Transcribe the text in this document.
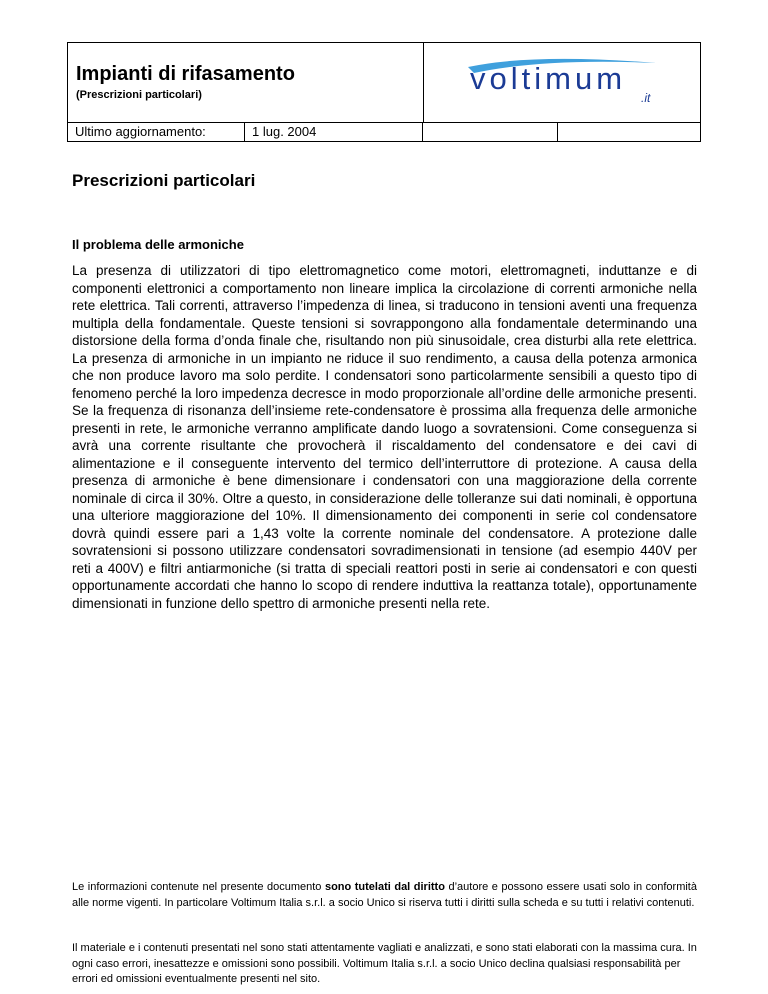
Impianti di rifasamento
(Prescrizioni particolari)	voltimum
.it
Ultimo aggiornamento:	1 lug. 2004
Prescrizioni particolari
Il problema delle armoniche
La presenza di utilizzatori di tipo elettromagnetico come motori, elettromagneti, induttanze e di componenti elettronici a comportamento non lineare implica la circolazione di correnti armoniche nella rete elettrica. Tali correnti, attraverso l’impedenza di linea, si traducono in tensioni aventi una frequenza multipla della fondamentale. Queste tensioni si sovrappongono alla fondamentale determinando una distorsione della forma d’onda finale che, risultando non più sinusoidale, crea disturbi alla rete elettrica. La presenza di armoniche in un impianto ne riduce il suo rendimento, a causa della potenza armonica che non produce lavoro ma solo perdite. I condensatori sono particolarmente sensibili a questo tipo di fenomeno perché la loro impedenza decresce in modo proporzionale all’ordine delle armoniche presenti. Se la frequenza di risonanza dell’insieme rete-condensatore è prossima alla frequenza delle armoniche presenti in rete, le armoniche verranno amplificate dando luogo a sovratensioni. Come conseguenza si avrà una corrente risultante che provocherà il riscaldamento del condensatore e dei cavi di alimentazione e il conseguente intervento del termico dell’interruttore di protezione. A causa della presenza di armoniche è bene dimensionare i condensatori con una maggiorazione della corrente nominale di circa il 30%. Oltre a questo, in considerazione delle tolleranze sui dati nominali, è opportuna una ulteriore maggiorazione del 10%. Il dimensionamento dei componenti in serie col condensatore dovrà quindi essere pari a 1,43 volte la corrente nominale del condensatore. A protezione dalle sovratensioni si possono utilizzare condensatori sovradimensionati in tensione (ad esempio 440V per reti a 400V) e filtri antiarmoniche (si tratta di speciali reattori posti in serie ai condensatori e con questi opportunamente accordati che hanno lo scopo di rendere induttiva la reattanza totale), opportunamente dimensionati in funzione dello spettro di armoniche presenti nella rete.
Le informazioni contenute nel presente documento sono tutelati dal diritto d’autore e possono essere usati solo in conformità alle norme vigenti. In particolare Voltimum Italia s.r.l. a socio Unico si riserva tutti i diritti sulla scheda e su tutti i relativi contenuti.
Il materiale e i contenuti presentati nel sono stati attentamente vagliati e analizzati, e sono stati elaborati con la massima cura. In ogni caso errori, inesattezze e omissioni sono possibili. Voltimum Italia s.r.l. a socio Unico declina qualsiasi responsabilità per errori ed omissioni eventualmente presenti nel sito.
